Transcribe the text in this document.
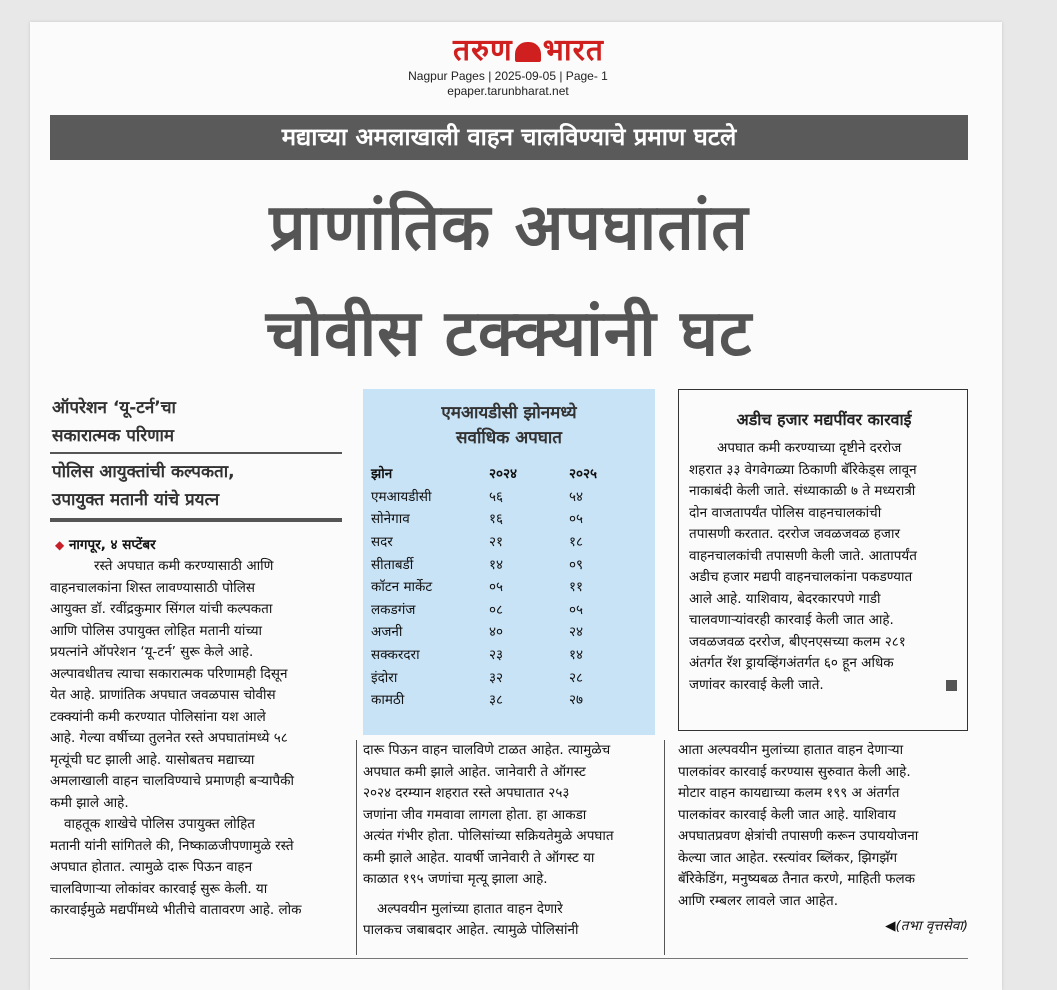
तरुण भारत
Nagpur Pages | 2025-09-05 | Page- 1
epaper.tarunbharat.net
मद्याच्या अमलाखाली वाहन चालविण्याचे प्रमाण घटले
प्राणांतिक अपघातांत
चोवीस टक्क्यांनी घट
ऑपरेशन ‘यू-टर्न’चा
सकारात्मक परिणाम
पोलिस आयुक्तांची कल्पकता,
उपायुक्त मतानी यांचे प्रयत्न
◆ नागपूर, ४ सप्टेंबर
रस्ते अपघात कमी करण्यासाठी आणि
वाहनचालकांना शिस्त लावण्यासाठी पोलिस
आयुक्त डॉ. रवींद्रकुमार सिंगल यांची कल्पकता
आणि पोलिस उपायुक्त लोहित मतानी यांच्या
प्रयत्नांने ऑपरेशन ‘यू-टर्न’ सुरू केले आहे.
अल्पावधीतच त्याचा सकारात्मक परिणामही दिसून
येत आहे. प्राणांतिक अपघात जवळपास चोवीस
टक्क्यांनी कमी करण्यात पोलिसांना यश आले
आहे. गेल्या वर्षीच्या तुलनेत रस्ते अपघातांमध्ये ५८
मृत्यूंची घट झाली आहे. यासोबतच मद्याच्या
अमलाखाली वाहन चालविण्याचे प्रमाणही बऱ्यापैकी
कमी झाले आहे.
वाहतूक शाखेचे पोलिस उपायुक्त लोहित
मतानी यांनी सांगितले की, निष्काळजीपणामुळे रस्ते
अपघात होतात. त्यामुळे दारू पिऊन वाहन
चालविणाऱ्या लोकांवर कारवाई सुरू केली. या
कारवाईमुळे मद्यपींमध्ये भीतीचे वातावरण आहे. लोक
एमआयडीसी झोनमध्ये
सर्वाधिक अपघात
झोन	२०२४	२०२५
एमआयडीसी	५६	५४
सोनेगाव	१६	०५
सदर	२१	१८
सीताबर्डी	१४	०९
कॉटन मार्केट	०५	११
लकडगंज	०८	०५
अजनी	४०	२४
सक्करदरा	२३	१४
इंदोरा	३२	२८
कामठी	३८	२७
दारू पिऊन वाहन चालविणे टाळत आहेत. त्यामुळेच
अपघात कमी झाले आहेत. जानेवारी ते ऑगस्ट
२०२४ दरम्यान शहरात रस्ते अपघातात २५३
जणांना जीव गमवावा लागला होता. हा आकडा
अत्यंत गंभीर होता. पोलिसांच्या सक्रियतेमुळे अपघात
कमी झाले आहेत. यावर्षी जानेवारी ते ऑगस्ट या
काळात १९५ जणांचा मृत्यू झाला आहे.
अल्पवयीन मुलांच्या हातात वाहन देणारे
पालकच जबाबदार आहेत. त्यामुळे पोलिसांनी
अडीच हजार मद्यपींवर कारवाई
अपघात कमी करण्याच्या दृष्टीने दररोज
शहरात ३३ वेगवेगळ्या ठिकाणी बॅरिकेड्स लावून
नाकाबंदी केली जाते. संध्याकाळी ७ ते मध्यरात्री
दोन वाजतापर्यंत पोलिस वाहनचालकांची
तपासणी करतात. दररोज जवळजवळ हजार
वाहनचालकांची तपासणी केली जाते. आतापर्यंत
अडीच हजार मद्यपी वाहनचालकांना पकडण्यात
आले आहे. याशिवाय, बेदरकारपणे गाडी
चालवणाऱ्यांवरही कारवाई केली जात आहे.
जवळजवळ दररोज, बीएनएसच्या कलम २८१
अंतर्गत रॅश ड्रायव्हिंगअंतर्गत ६० हून अधिक
जणांवर कारवाई केली जाते.
आता अल्पवयीन मुलांच्या हातात वाहन देणाऱ्या
पालकांवर कारवाई करण्यास सुरुवात केली आहे.
मोटार वाहन कायद्याच्या कलम १९९ अ अंतर्गत
पालकांवर कारवाई केली जात आहे. याशिवाय
अपघातप्रवण क्षेत्रांची तपासणी करून उपाययोजना
केल्या जात आहेत. रस्त्यांवर ब्लिंकर, झिगझॅग
बॅरिकेडिंग, मनुष्यबळ तैनात करणे, माहिती फलक
आणि रम्बलर लावले जात आहेत.
◀(तभा वृत्तसेवा)
